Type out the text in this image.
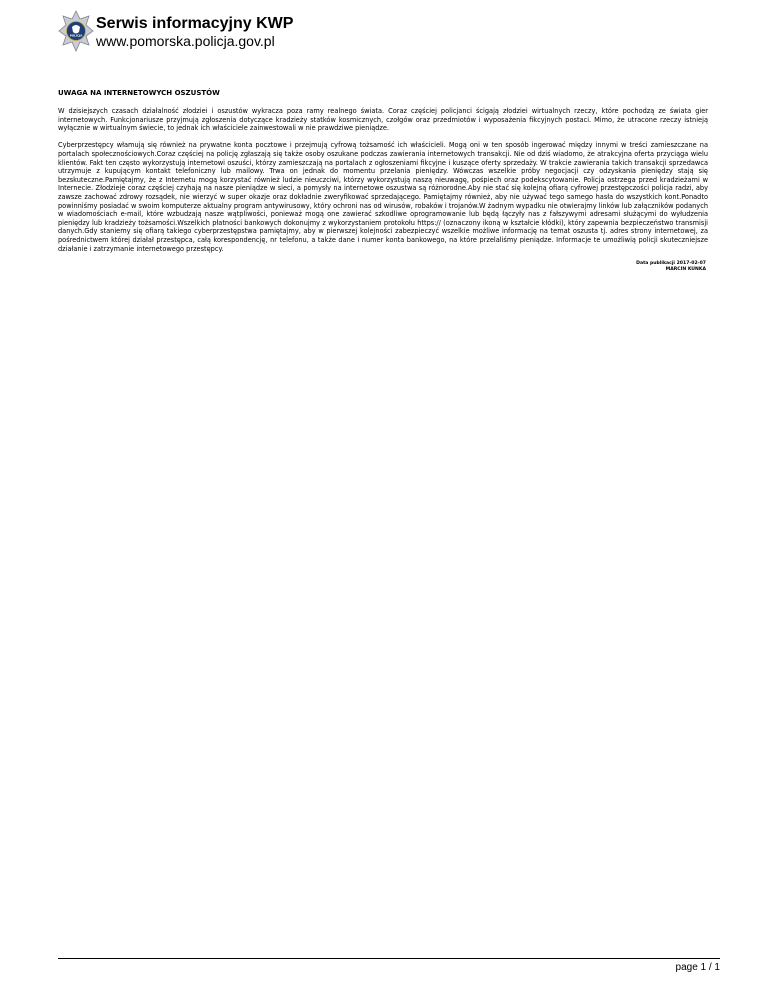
POLICJA
Serwis informacyjny KWP
www.pomorska.policja.gov.pl
UWAGA NA INTERNETOWYCH OSZUSTÓW

W dzisiejszych czasach działalność złodziei i oszustów wykracza poza ramy realnego świata. Coraz częściej policjanci ścigają złodziei wirtualnych rzeczy, które pochodzą ze świata gier internetowych. Funkcjonariusze przyjmują zgłoszenia dotyczące kradzieży statków kosmicznych, czołgów oraz przedmiotów i wyposażenia fikcyjnych postaci. Mimo, że utracone rzeczy istnieją wyłącznie w wirtualnym świecie, to jednak ich właściciele zainwestowali w nie prawdziwe pieniądze.

Cyberprzestępcy włamują się również na prywatne konta pocztowe i przejmują cyfrową tożsamość ich właścicieli. Mogą oni w ten sposób ingerować między innymi w treści zamieszczane na portalach społecznościowych.Coraz częściej na policję zgłaszają się także osoby oszukane podczas zawierania internetowych transakcji. Nie od dziś wiadomo, że atrakcyjna oferta przyciąga wielu klientów. Fakt ten często wykorzystują internetowi oszuści, którzy zamieszczają na portalach z ogłoszeniami fikcyjne i kuszące oferty sprzedaży. W trakcie zawierania takich transakcji sprzedawca utrzymuje z kupującym kontakt telefoniczny lub mailowy. Trwa on jednak do momentu przelania pieniędzy. Wówczas wszelkie próby negocjacji czy odzyskania pieniędzy stają się bezskuteczne.Pamiętajmy, że z Internetu mogą korzystać również ludzie nieuczciwi, którzy wykorzystują naszą nieuwagę, pośpiech oraz podekscytowanie. Policja ostrzega przed kradzieżami w Internecie. Złodzieje coraz częściej czyhają na nasze pieniądze w sieci, a pomysły na internetowe oszustwa są różnorodne.Aby nie stać się kolejną ofiarą cyfrowej przestępczości policja radzi, aby zawsze zachować zdrowy rozsądek, nie wierzyć w super okazje oraz dokładnie zweryfikować sprzedającego. Pamiętajmy również, aby nie używać tego samego hasła do wszystkich kont.Ponadto powinniśmy posiadać w swoim komputerze aktualny program antywirusowy, który ochroni nas od wirusów, robaków i trojanów.W żadnym wypadku nie otwierajmy linków lub załączników podanych w wiadomościach e-mail, które wzbudzają nasze wątpliwości, ponieważ mogą one zawierać szkodliwe oprogramowanie lub będą łączyły nas z fałszywymi adresami służącymi do wyłudzenia pieniędzy lub kradzieży tożsamości.Wszelkich płatności bankowych dokonujmy z wykorzystaniem protokołu https:// (oznaczony ikoną w kształcie kłódki), który zapewnia bezpieczeństwo transmisji danych.Gdy staniemy się ofiarą takiego cyberprzestępstwa pamiętajmy, aby w pierwszej kolejności zabezpieczyć wszelkie możliwe informację na temat oszusta tj. adres strony internetowej, za pośrednictwem której działał przestępca, całą korespondencję, nr telefonu, a także dane i numer konta bankowego, na które przelaliśmy pieniądze. Informacje te umożliwią policji skuteczniejsze działanie i zatrzymanie internetowego przestępcy.

Data publikacji 2017-02-07
MARCIN KUNKA
page 1 / 1
